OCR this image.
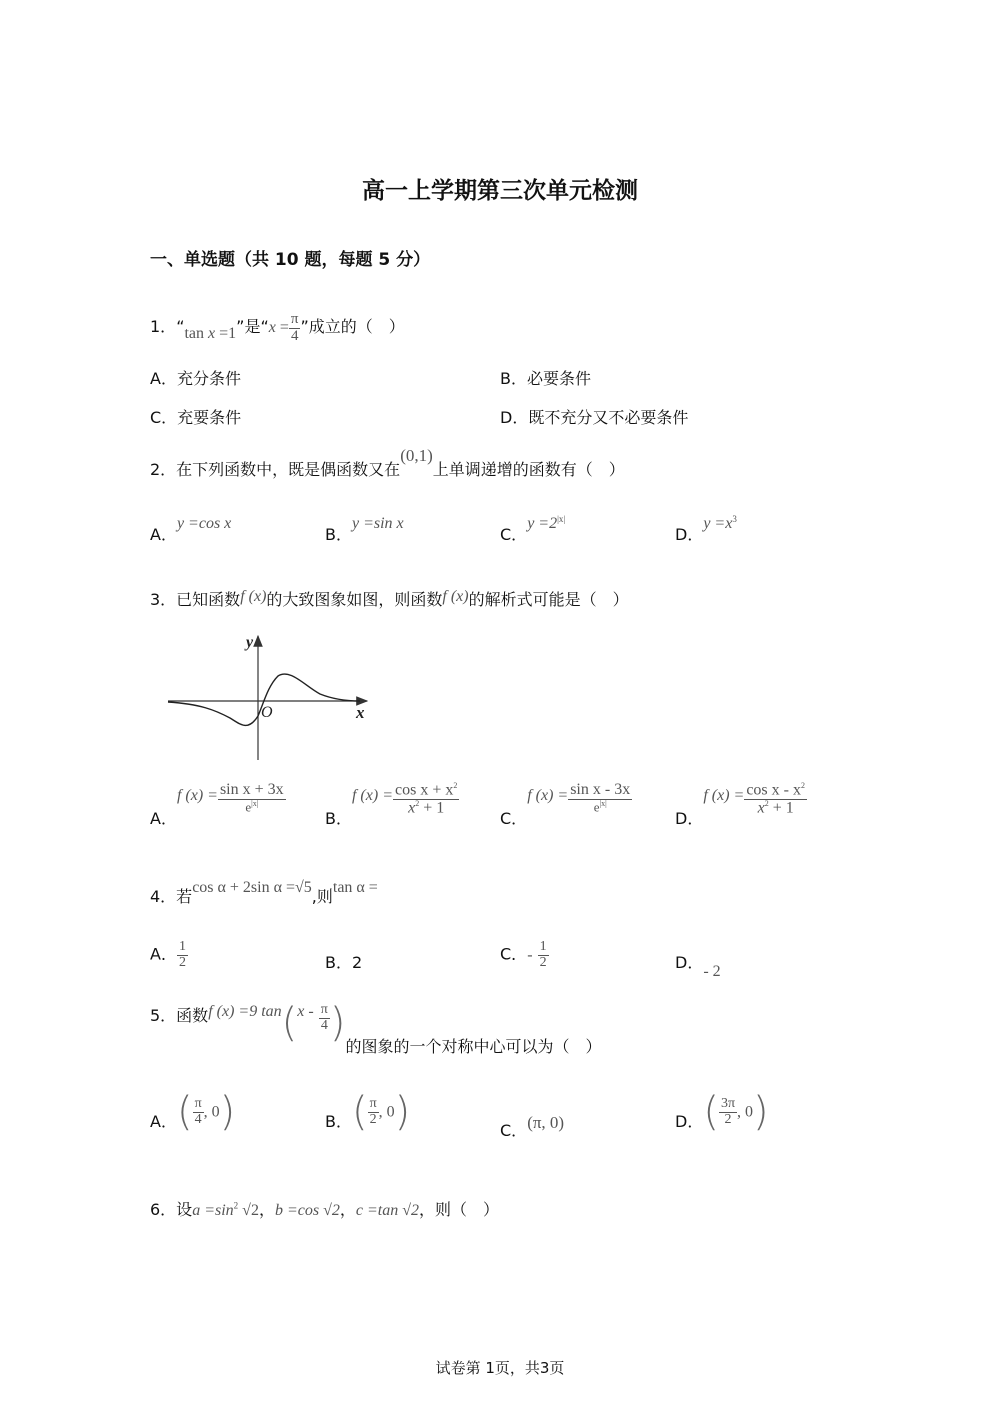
高一上学期第三次单元检测
一、单选题（共 10 题，每题 5 分）
1．“tan x =1”是“$x = \frac{\pi}{4}$ ”成立的（　）
A．充分条件	B．必要条件
C．充要条件	D．既不充分又不必要条件
2．在下列函数中，既是偶函数又在(0,1)上单调递增的函数有（　）
A．y =cos x
B．y =sin x
C．$y =2^{|x|}$
D．$y =x^3$
3．已知函数f (x)的大致图象如图，则函数f (x)的解析式可能是（　）
y
x
O
A．f $(x) = \frac{\text{sin x + 3x}}{e^{|x|}}$
B．f $(x) = \frac{\cos x + x^2}{x^2 + 1}$
C．f $(x) = \frac{\text{sin x - 3x}}{e^{|x|}}$
D．f $(x) = \frac{\cos x - x^2}{x^2 + 1}$
4．若cos α + 2sin α =√5,则tan α =
A． $\frac{1}{2}$	B．2	C．- $\frac{1}{2}$	D．- 2
5．函数f (x) =9 $\tan(x - \frac{\pi}{4}$ )的图象的一个对称中心可以为（　）
A．( $\frac{\pi}{4}$ , 0)	B．( $\frac{\pi}{2}$ , 0)	C．(π, 0)	D．( $\frac{3\pi}{2}$ , 0)
6．设$a =\sin^2$ √2，b =cos √2，c =tan √2，则（　）
试卷第 1页，共3页
